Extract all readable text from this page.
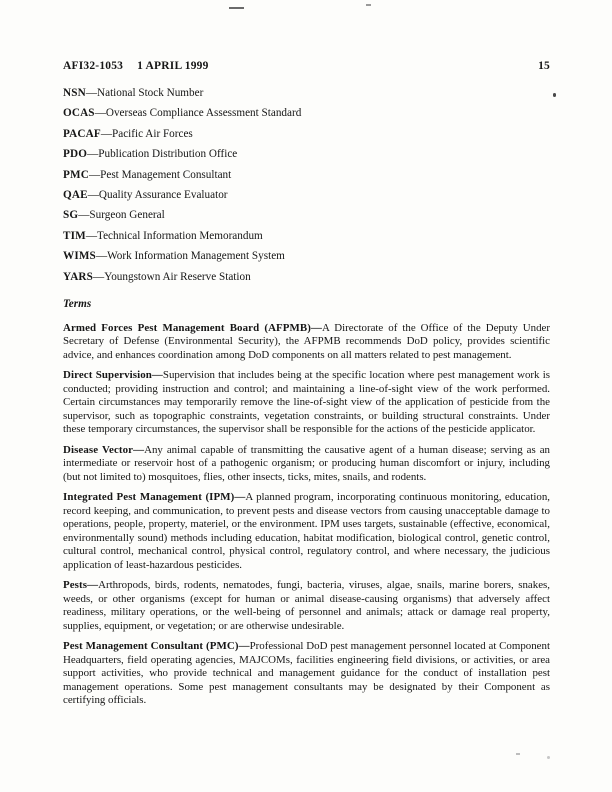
AFI32-1053 1 APRIL 1999	15

NSN—National Stock Number

OCAS—Overseas Compliance Assessment Standard

PACAF—Pacific Air Forces

PDO—Publication Distribution Office

PMC—Pest Management Consultant

QAE—Quality Assurance Evaluator

SG—Surgeon General

TIM—Technical Information Memorandum

WIMS—Work Information Management System

YARS—Youngstown Air Reserve Station

Terms

Armed Forces Pest Management Board (AFPMB)—A Directorate of the Office of the Deputy Under Secretary of Defense (Environmental Security), the AFPMB recommends DoD policy, provides scientific advice, and enhances coordination among DoD components on all matters related to pest management.

Direct Supervision—Supervision that includes being at the specific location where pest management work is conducted; providing instruction and control; and maintaining a line-of-sight view of the work performed. Certain circumstances may temporarily remove the line-of-sight view of the application of pesticide from the supervisor, such as topographic constraints, vegetation constraints, or building structural constraints. Under these temporary circumstances, the supervisor shall be responsible for the actions of the pesticide applicator.

Disease Vector—Any animal capable of transmitting the causative agent of a human disease; serving as an intermediate or reservoir host of a pathogenic organism; or producing human discomfort or injury, including (but not limited to) mosquitoes, flies, other insects, ticks, mites, snails, and rodents.

Integrated Pest Management (IPM)—A planned program, incorporating continuous monitoring, education, record keeping, and communication, to prevent pests and disease vectors from causing unacceptable damage to operations, people, property, materiel, or the environment. IPM uses targets, sustainable (effective, economical, environmentally sound) methods including education, habitat modification, biological control, genetic control, cultural control, mechanical control, physical control, regulatory control, and where necessary, the judicious application of least-hazardous pesticides.

Pests—Arthropods, birds, rodents, nematodes, fungi, bacteria, viruses, algae, snails, marine borers, snakes, weeds, or other organisms (except for human or animal disease-causing organisms) that adversely affect readiness, military operations, or the well-being of personnel and animals; attack or damage real property, supplies, equipment, or vegetation; or are otherwise undesirable.

Pest Management Consultant (PMC)—Professional DoD pest management personnel located at Component Headquarters, field operating agencies, MAJCOMs, facilities engineering field divisions, or activities, or area support activities, who provide technical and management guidance for the conduct of installation pest management operations. Some pest management consultants may be designated by their Component as certifying officials.
